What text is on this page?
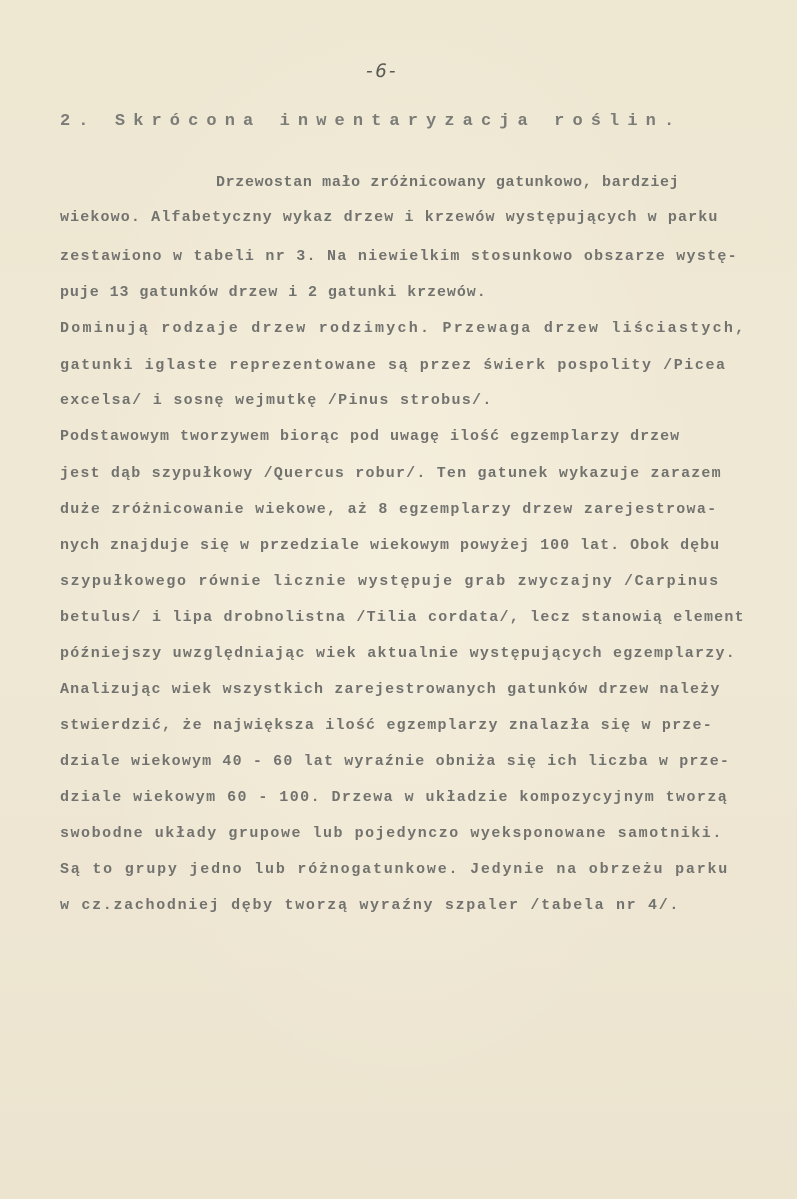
-6-
2. Skrócona inwentaryzacja roślin.
Drzewostan mało zróżnicowany gatunkowo, bardziej
wiekowo. Alfabetyczny wykaz drzew i krzewów występujących w parku
zestawiono w tabeli nr 3. Na niewielkim stosunkowo obszarze wystę-
puje 13 gatunków drzew i 2 gatunki krzewów.
Dominują rodzaje drzew rodzimych. Przewaga drzew liściastych,
gatunki iglaste reprezentowane są przez świerk pospolity /Picea
excelsa/ i sosnę wejmutkę /Pinus strobus/.
Podstawowym tworzywem biorąc pod uwagę ilość egzemplarzy drzew
jest dąb szypułkowy /Quercus robur/. Ten gatunek wykazuje zarazem
duże zróżnicowanie wiekowe, aż 8 egzemplarzy drzew zarejestrowa-
nych znajduje się w przedziale wiekowym powyżej 100 lat. Obok dębu
szypułkowego równie licznie występuje grab zwyczajny /Carpinus
betulus/ i lipa drobnolistna /Tilia cordata/, lecz stanowią element
późniejszy uwzględniając wiek aktualnie występujących egzemplarzy.
Analizując wiek wszystkich zarejestrowanych gatunków drzew należy
stwierdzić, że największa ilość egzemplarzy znalazła się w prze-
dziale wiekowym 40 - 60 lat wyraźnie obniża się ich liczba w prze-
dziale wiekowym 60 - 100. Drzewa w układzie kompozycyjnym tworzą
swobodne układy grupowe lub pojedynczo wyeksponowane samotniki.
Są to grupy jedno lub różnogatunkowe. Jedynie na obrzeżu parku
w cz.zachodniej dęby tworzą wyraźny szpaler /tabela nr 4/.
